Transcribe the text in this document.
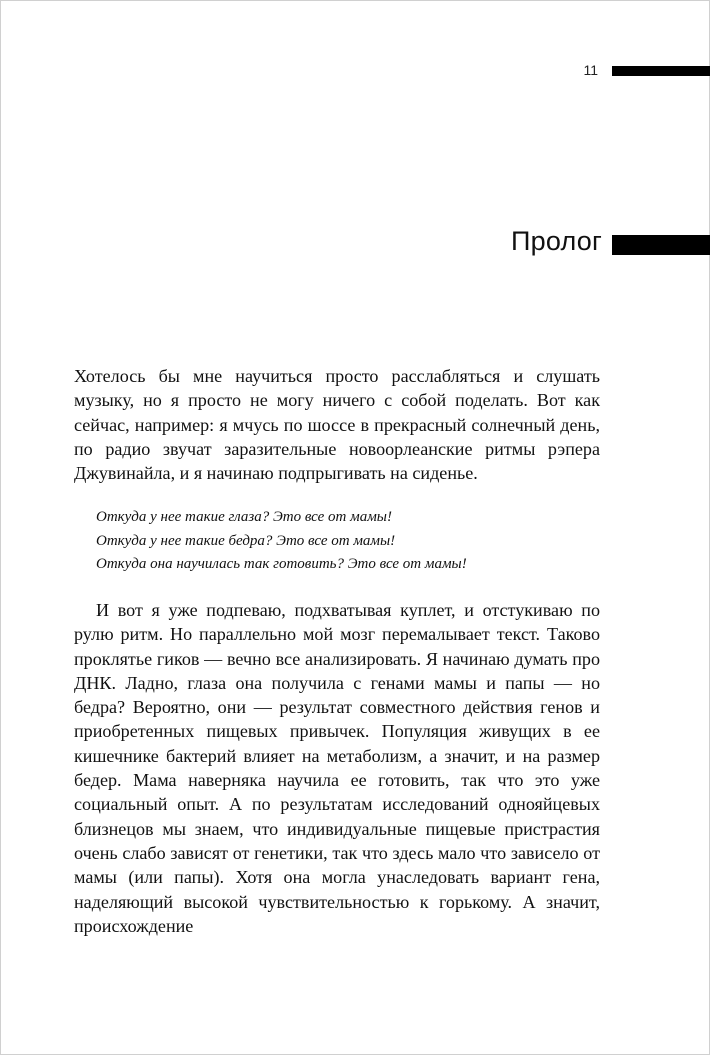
11
Пролог

Хотелось бы мне научиться просто расслабляться и слушать музыку, но я просто не могу ничего с собой поделать. Вот как сейчас, например: я мчусь по шоссе в прекрасный солнечный день, по радио звучат заразительные новоорлеанские ритмы рэпера Джувинайла, и я начинаю подпрыгивать на сиденье.

Откуда у нее такие глаза? Это все от мамы!
Откуда у нее такие бедра? Это все от мамы!
Откуда она научилась так готовить? Это все от мамы!

И вот я уже подпеваю, подхватывая куплет, и отстукиваю по рулю ритм. Но параллельно мой мозг перемалывает текст. Таково проклятье гиков — вечно все анализировать. Я начинаю думать про ДНК. Ладно, глаза она получила с генами мамы и папы — но бедра? Вероятно, они — результат совместного действия генов и приобретенных пищевых привычек. Популяция живущих в ее кишечнике бактерий влияет на метаболизм, а значит, и на размер бедер. Мама наверняка научила ее готовить, так что это уже социальный опыт. А по результатам исследований однояйцевых близнецов мы знаем, что индивидуальные пищевые пристрастия очень слабо зависят от генетики, так что здесь мало что зависело от мамы (или папы). Хотя она могла унаследовать вариант гена, наделяющий высокой чувствительностью к горькому. А значит, происхождение
